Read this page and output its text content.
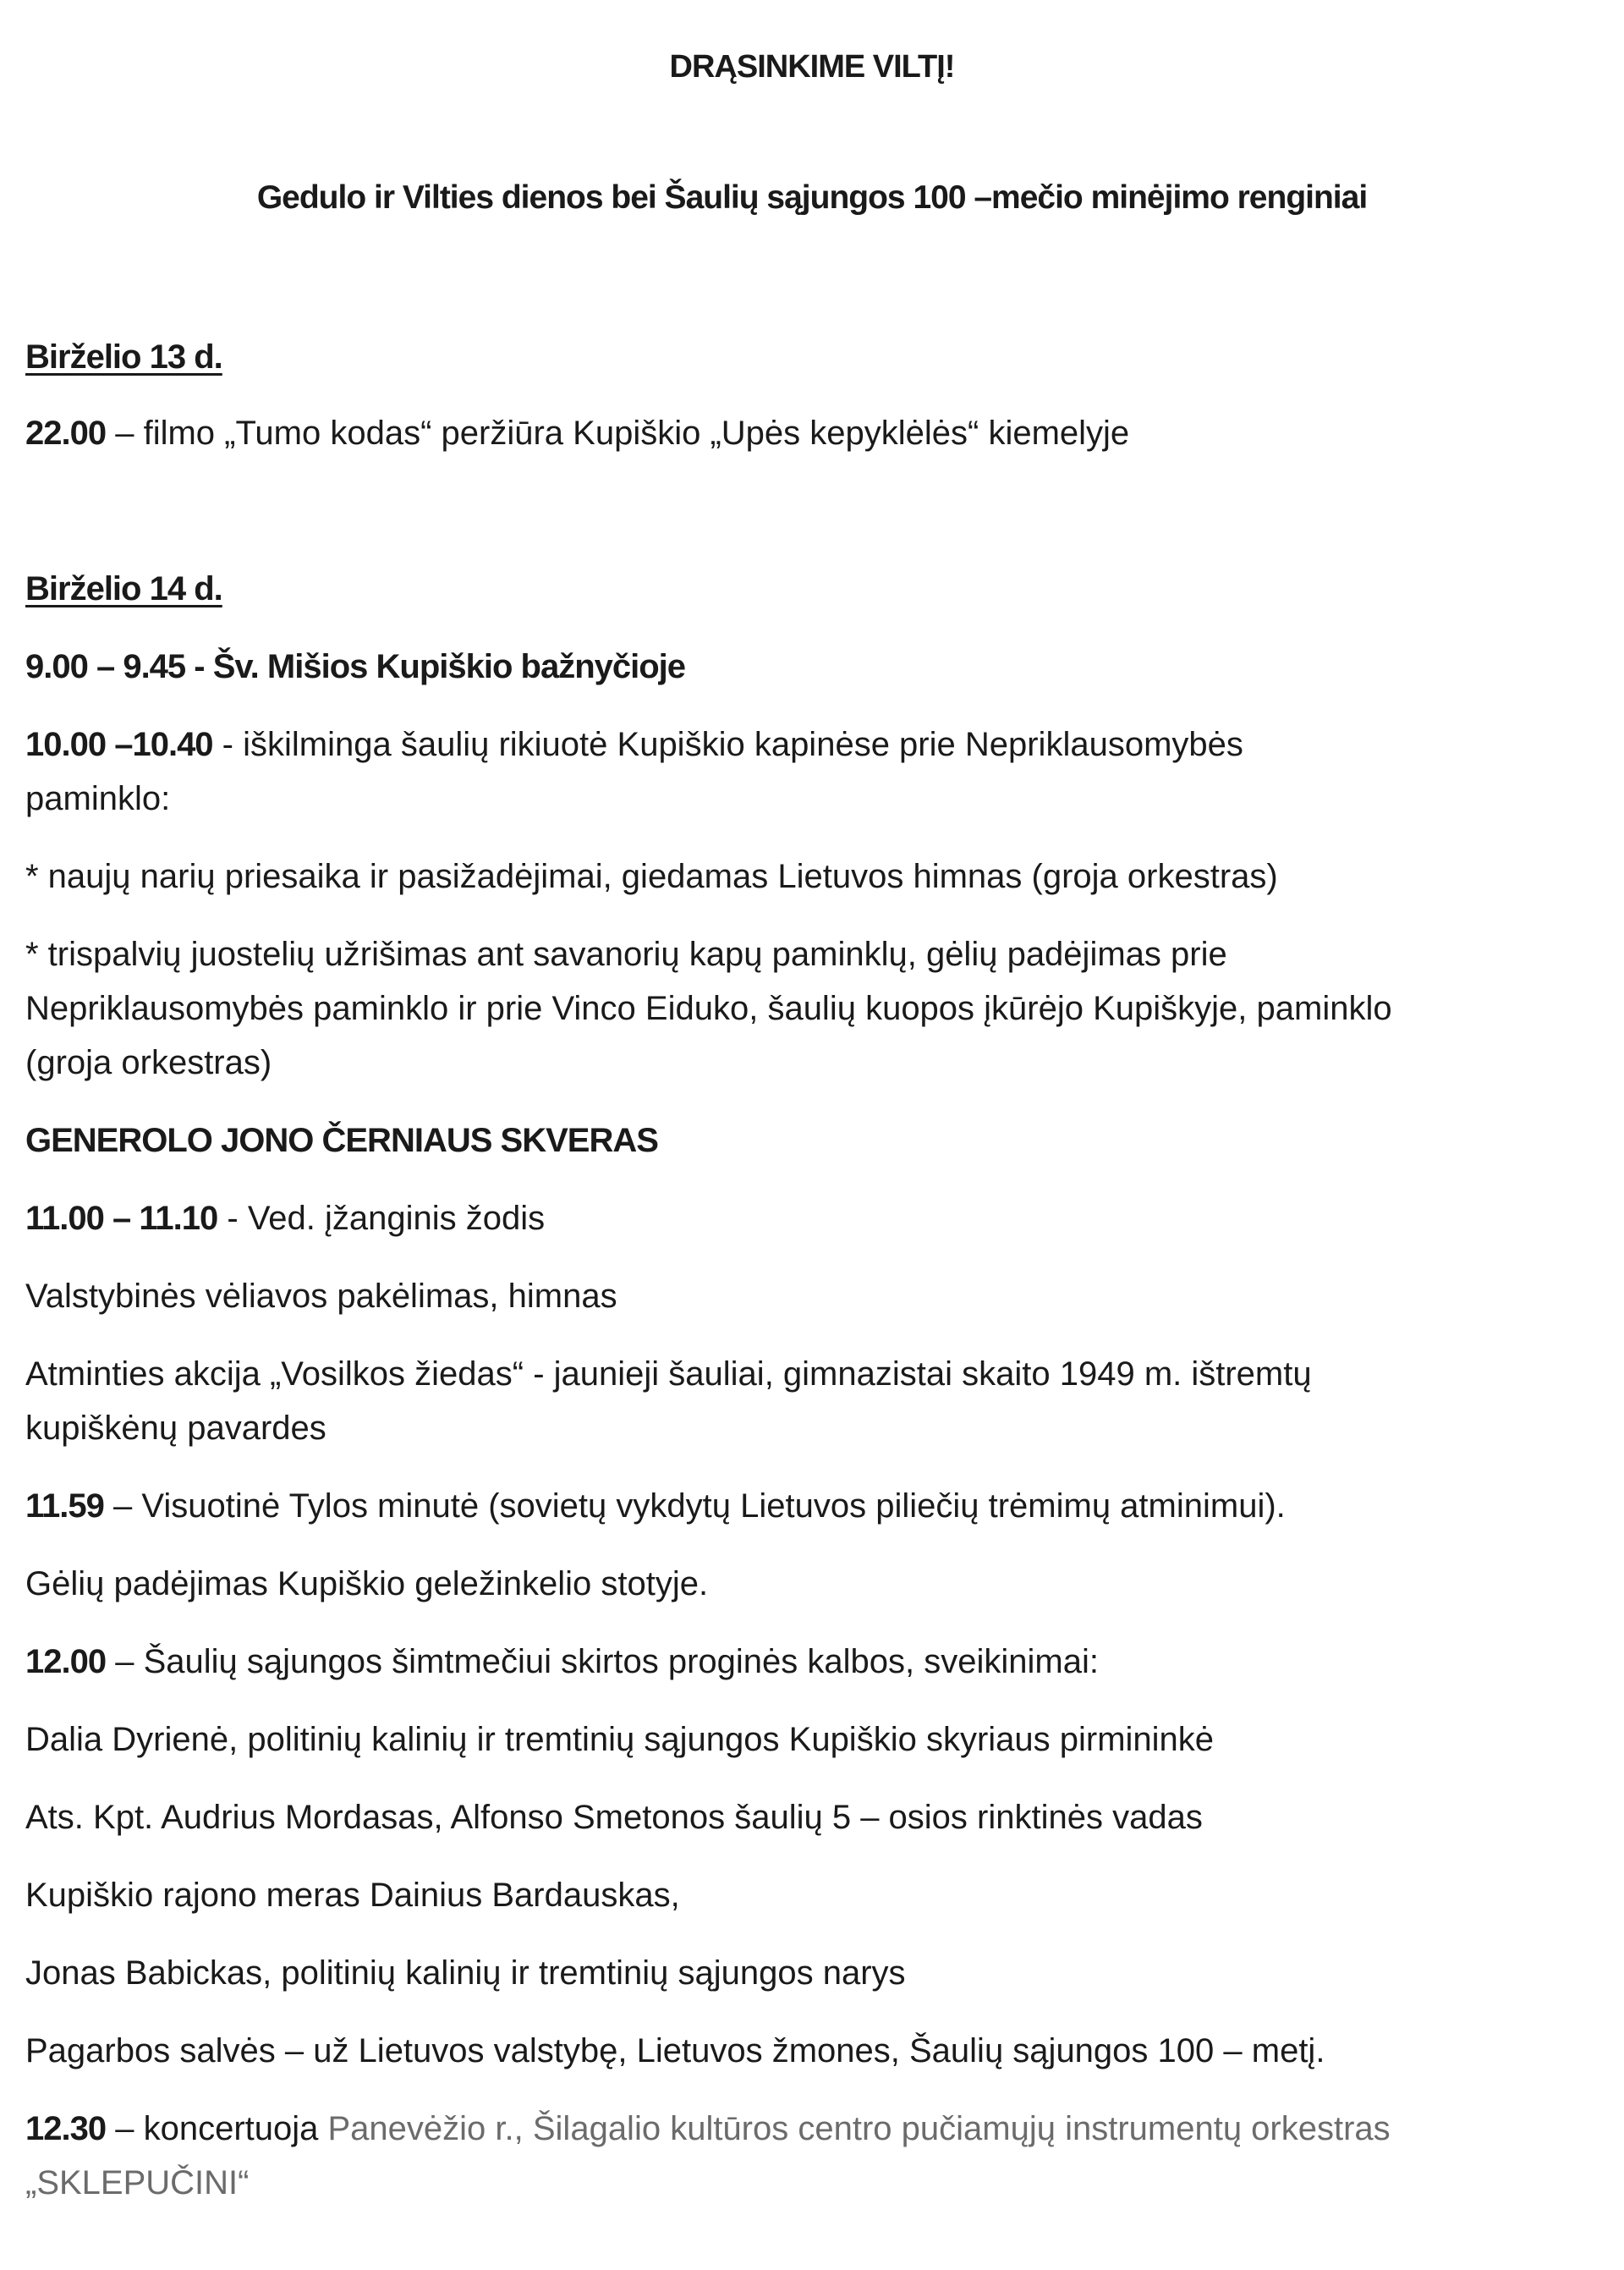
DRĄSINKIME VILTĮ!
Gedulo ir Vilties dienos bei Šaulių sąjungos 100 –mečio minėjimo renginiai

Birželio 13 d.

22.00 – filmo „Tumo kodas“ peržiūra Kupiškio „Upės kepyklėlės“ kiemelyje

Birželio 14 d.

9.00 – 9.45 - Šv. Mišios Kupiškio bažnyčioje

10.00 –10.40 - iškilminga šaulių rikiuotė Kupiškio kapinėse prie Nepriklausomybės

paminklo:

* naujų narių priesaika ir pasižadėjimai, giedamas Lietuvos himnas (groja orkestras)

* trispalvių juostelių užrišimas ant savanorių kapų paminklų, gėlių padėjimas prie

Nepriklausomybės paminklo ir prie Vinco Eiduko, šaulių kuopos įkūrėjo Kupiškyje, paminklo

(groja orkestras)

GENEROLO JONO ČERNIAUS SKVERAS

11.00 – 11.10 - Ved. įžanginis žodis

Valstybinės vėliavos pakėlimas, himnas

Atminties akcija „Vosilkos žiedas“ - jaunieji šauliai, gimnazistai skaito 1949 m. ištremtų

kupiškėnų pavardes

11.59 – Visuotinė Tylos minutė (sovietų vykdytų Lietuvos piliečių trėmimų atminimui).

Gėlių padėjimas Kupiškio geležinkelio stotyje.

12.00 – Šaulių sąjungos šimtmečiui skirtos proginės kalbos, sveikinimai:

Dalia Dyrienė, politinių kalinių ir tremtinių sąjungos Kupiškio skyriaus pirmininkė

Ats. Kpt. Audrius Mordasas, Alfonso Smetonos šaulių 5 – osios rinktinės vadas

Kupiškio rajono meras Dainius Bardauskas,

Jonas Babickas, politinių kalinių ir tremtinių sąjungos narys

Pagarbos salvės – už Lietuvos valstybę, Lietuvos žmones, Šaulių sąjungos 100 – metį.

12.30 – koncertuoja Panevėžio r., Šilagalio kultūros centro pučiamųjų instrumentų orkestras

„SKLEPUČINI“
